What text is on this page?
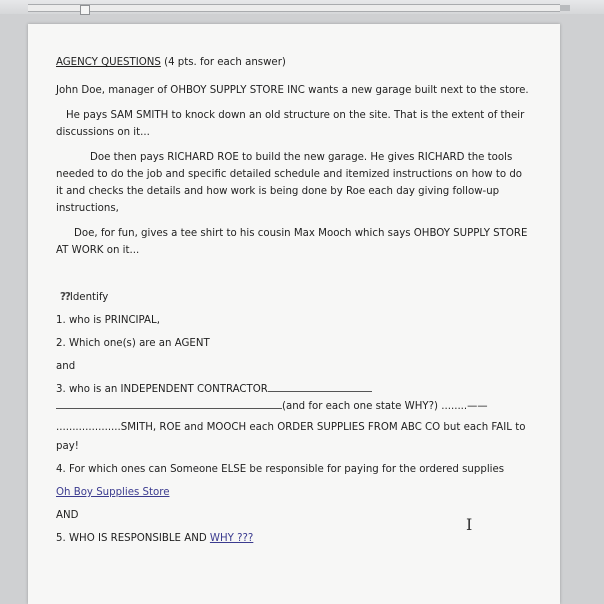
AGENCY QUESTIONS (4 pts. for each answer)
John Doe, manager of OHBOY SUPPLY STORE INC wants a new garage built next to the store.
He pays SAM SMITH to knock down an old structure on the site. That is the extent of their
discussions on it...
Doe then pays RICHARD ROE to build the new garage. He gives RICHARD the tools
needed to do the job and specific detailed schedule and itemized instructions on how to do
it and checks the details and how work is being done by Roe each day giving follow-up
instructions,
Doe, for fun, gives a tee shirt to his cousin Max Mooch which says OHBOY SUPPLY STORE
AT WORK on it...
??Identify
1. who is PRINCIPAL,
2. Which one(s) are an AGENT
and
3. who is an INDEPENDENT CONTRACTOR
(and for each one state WHY?) ........——
....................SMITH, ROE and MOOCH each ORDER SUPPLIES FROM ABC CO but each FAIL to
pay!
4. For which ones can Someone ELSE be responsible for paying for the ordered supplies
Oh Boy Supplies Store
AND
5. WHO IS RESPONSIBLE AND WHY ???
I
